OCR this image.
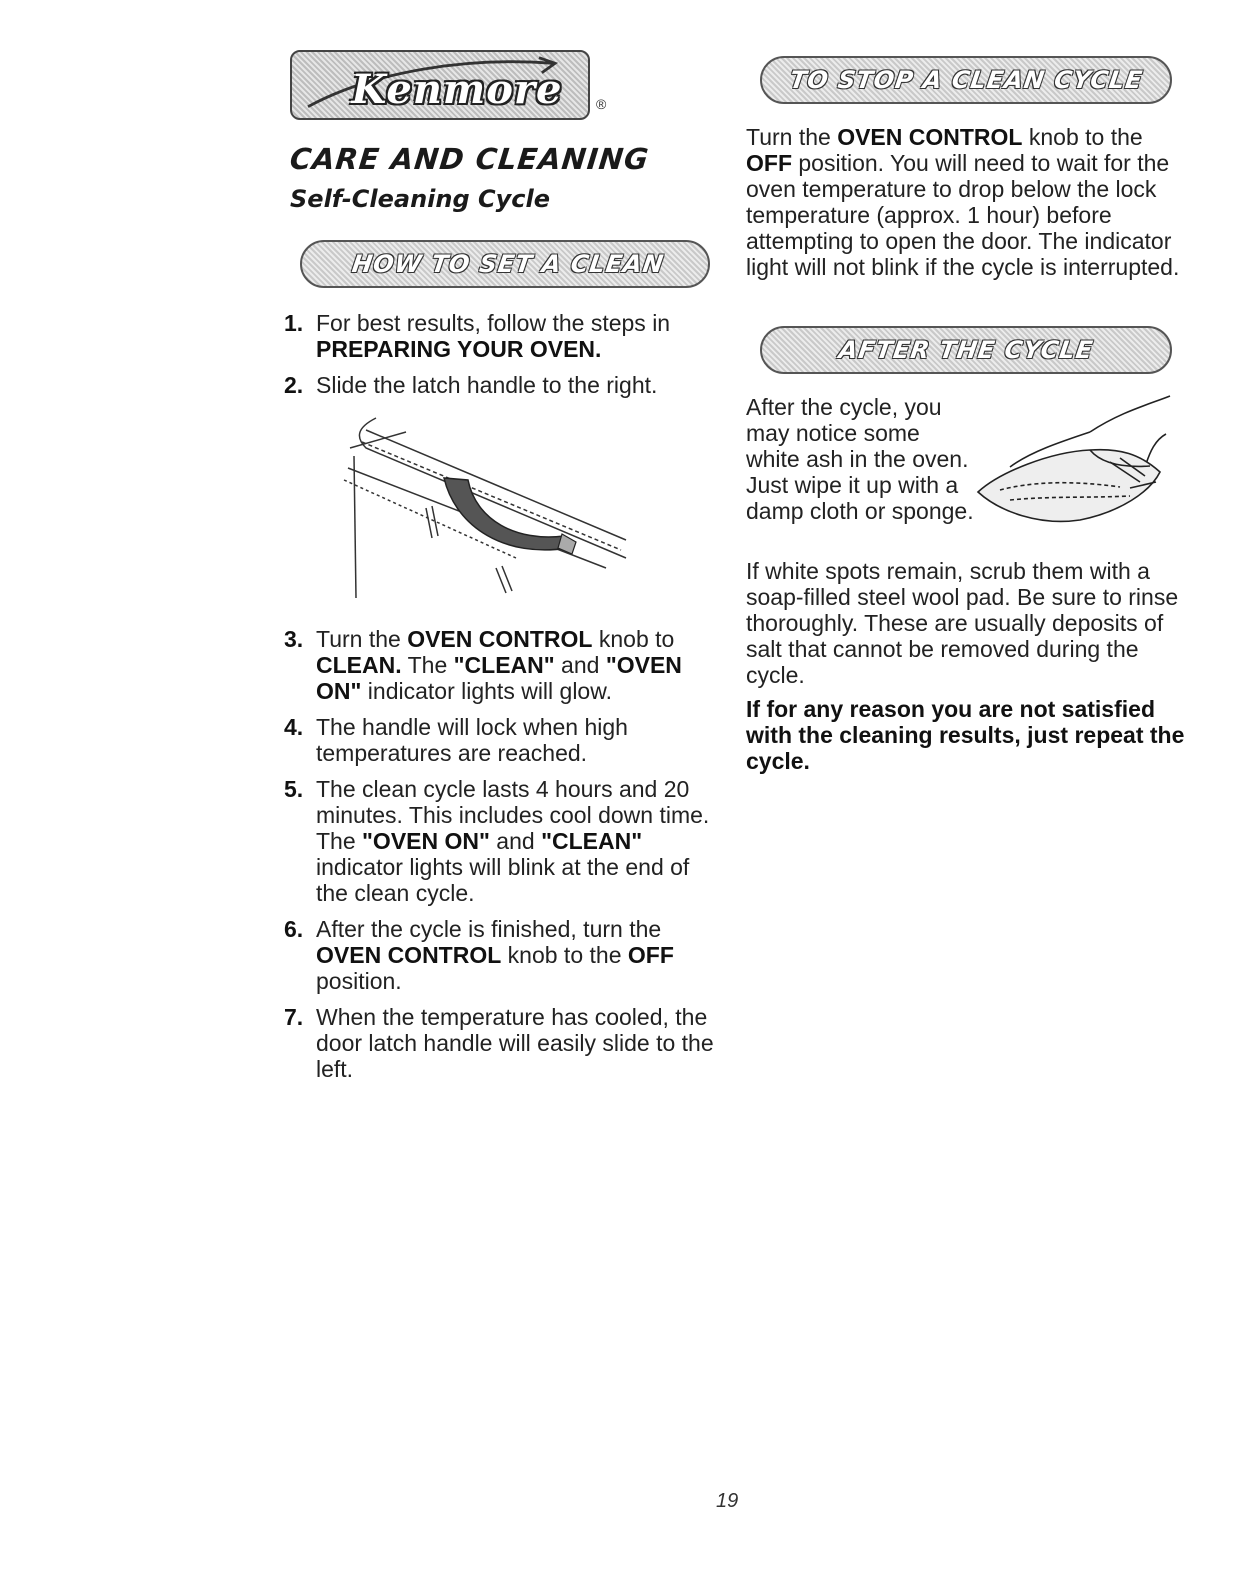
Kenmore	®
CARE AND CLEANING
Self-Cleaning Cycle
HOW TO SET A CLEAN
1. For best results, follow the steps in
PREPARING YOUR OVEN.
2. Slide the latch handle to the right.
3. Turn the OVEN CONTROL knob to CLEAN. The "CLEAN" and "OVEN ON" indicator lights will glow.
4. The handle will lock when high temperatures are reached.
5. The clean cycle lasts 4 hours and 20 minutes. This includes cool down time. The "OVEN ON" and "CLEAN" indicator lights will blink at the end of the clean cycle.
6. After the cycle is finished, turn the OVEN CONTROL knob to the OFF position.
7. When the temperature has cooled, the door latch handle will easily slide to the left.
TO STOP A CLEAN CYCLE
Turn the OVEN CONTROL knob to the OFF position. You will need to wait for the oven temperature to drop below the lock temperature (approx. 1 hour) before attempting to open the door. The indicator light will not blink if the cycle is interrupted.
AFTER THE CYCLE
After the cycle, you may notice some white ash in the oven. Just wipe it up with a damp cloth or sponge.
If white spots remain, scrub them with a soap-filled steel wool pad. Be sure to rinse thoroughly. These are usually deposits of salt that cannot be removed during the cycle.
If for any reason you are not satisfied with the cleaning results, just repeat the cycle.
19
